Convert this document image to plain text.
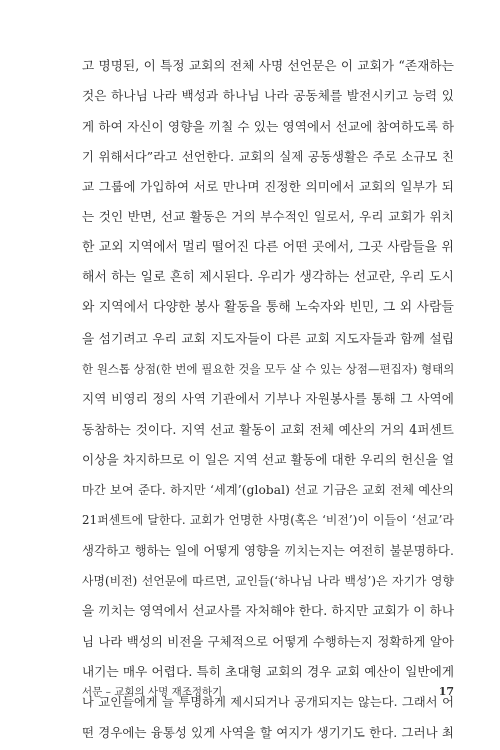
고 명명된, 이 특정 교회의 전체 사명 선언문은 이 교회가 “존재하는
것은 하나님 나라 백성과 하나님 나라 공동체를 발전시키고 능력 있
게 하여 자신이 영향을 끼칠 수 있는 영역에서 선교에 참여하도록 하
기 위해서다”라고 선언한다. 교회의 실제 공동생활은 주로 소규모 친
교 그룹에 가입하여 서로 만나며 진정한 의미에서 교회의 일부가 되
는 것인 반면, 선교 활동은 거의 부수적인 일로서, 우리 교회가 위치
한 교외 지역에서 멀리 떨어진 다른 어떤 곳에서, 그곳 사람들을 위
해서 하는 일로 흔히 제시된다. 우리가 생각하는 선교란, 우리 도시
와 지역에서 다양한 봉사 활동을 통해 노숙자와 빈민, 그 외 사람들
을 섬기려고 우리 교회 지도자들이 다른 교회 지도자들과 함께 설립
한 원스톱 상점(한 번에 필요한 것을 모두 살 수 있는 상점—편집자) 형태의
지역 비영리 정의 사역 기관에서 기부나 자원봉사를 통해 그 사역에
동참하는 것이다. 지역 선교 활동이 교회 전체 예산의 거의 4퍼센트
이상을 차지하므로 이 일은 지역 선교 활동에 대한 우리의 헌신을 얼
마간 보여 준다. 하지만 ‘세계’(global) 선교 기금은 교회 전체 예산의
21퍼센트에 달한다. 교회가 언명한 사명(혹은 ‘비전’)이 이들이 ‘선교’라
생각하고 행하는 일에 어떻게 영향을 끼치는지는 여전히 불분명하다.
사명(비전) 선언문에 따르면, 교인들(‘하나님 나라 백성’)은 자기가 영향
을 끼치는 영역에서 선교사를 자처해야 한다. 하지만 교회가 이 하나
님 나라 백성의 비전을 구체적으로 어떻게 수행하는지 정확하게 알아
내기는 매우 어렵다. 특히 초대형 교회의 경우 교회 예산이 일반에게
나 교인들에게 늘 투명하게 제시되거나 공개되지는 않는다. 그래서 어
떤 경우에는 융통성 있게 사역을 할 여지가 생기기도 한다. 그러나 최
서문 – 교회의 사명 재조정하기	17
